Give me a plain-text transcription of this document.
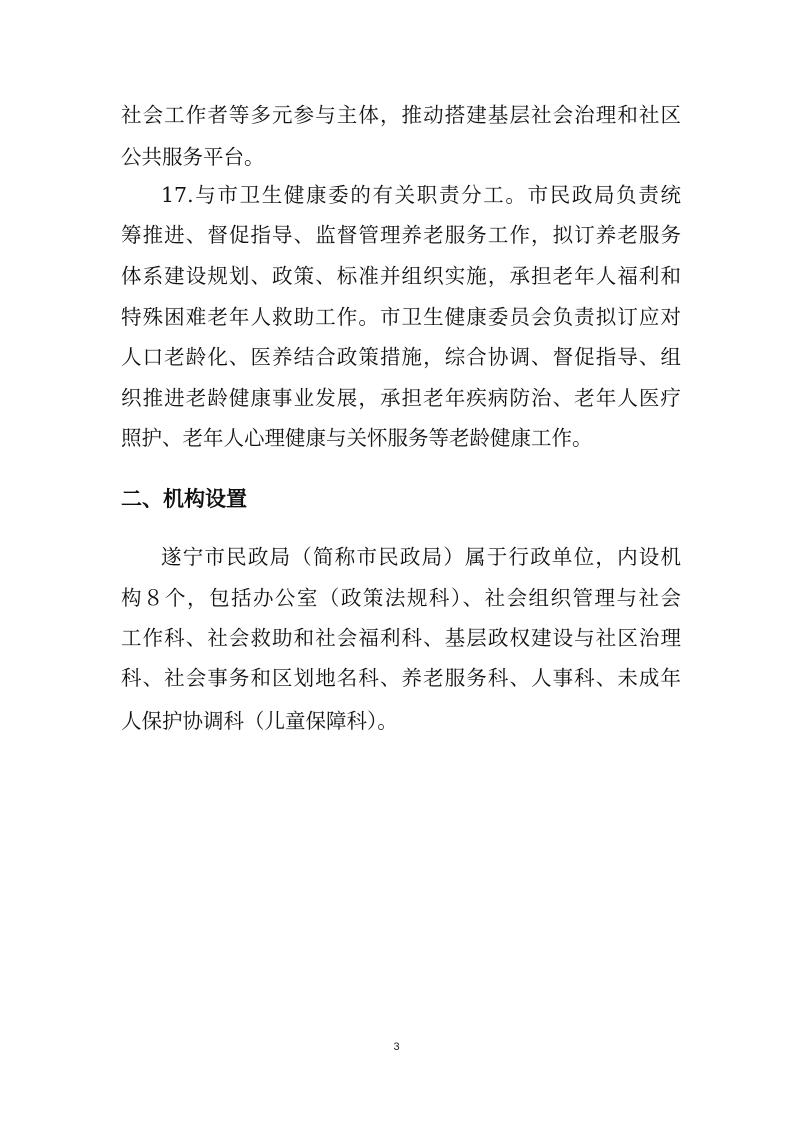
社会工作者等多元参与主体，推动搭建基层社会治理和社区
公共服务平台。
17.与市卫生健康委的有关职责分工。市民政局负责统
筹推进、督促指导、监督管理养老服务工作，拟订养老服务
体系建设规划、政策、标准并组织实施，承担老年人福利和
特殊困难老年人救助工作。市卫生健康委员会负责拟订应对
人口老龄化、医养结合政策措施，综合协调、督促指导、组
织推进老龄健康事业发展，承担老年疾病防治、老年人医疗
照护、老年人心理健康与关怀服务等老龄健康工作。
二、机构设置
遂宁市民政局（简称市民政局）属于行政单位，内设机
构８个，包括办公室（政策法规科）、社会组织管理与社会
工作科、社会救助和社会福利科、基层政权建设与社区治理
科、社会事务和区划地名科、养老服务科、人事科、未成年
人保护协调科（儿童保障科）。
3
